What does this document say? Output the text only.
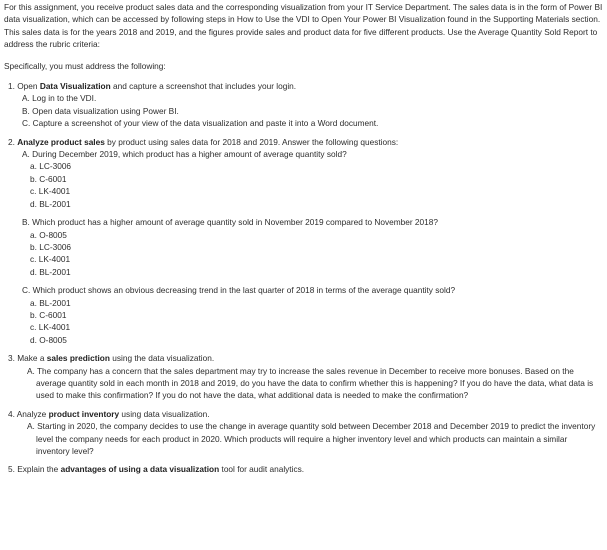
For this assignment, you receive product sales data and the corresponding visualization from your IT Service Department. The sales data is in the form of Power BI data visualization, which can be accessed by following steps in How to Use the VDI to Open Your Power BI Visualization found in the Supporting Materials section. This sales data is for the years 2018 and 2019, and the figures provide sales and product data for five different products. Use the Average Quantity Sold Report to address the rubric criteria:

Specifically, you must address the following:

1. Open Data Visualization and capture a screenshot that includes your login.

A. Log in to the VDI.

B. Open data visualization using Power BI.

C. Capture a screenshot of your view of the data visualization and paste it into a Word document.

2. Analyze product sales by product using sales data for 2018 and 2019. Answer the following questions:

A. During December 2019, which product has a higher amount of average quantity sold?

a. LC-3006

b. C-6001

c. LK-4001

d. BL-2001

B. Which product has a higher amount of average quantity sold in November 2019 compared to November 2018?

a. O-8005

b. LC-3006

c. LK-4001

d. BL-2001

C. Which product shows an obvious decreasing trend in the last quarter of 2018 in terms of the average quantity sold?

a. BL-2001

b. C-6001

c. LK-4001

d. O-8005

3. Make a sales prediction using the data visualization.

A. The company has a concern that the sales department may try to increase the sales revenue in December to receive more bonuses. Based on the average quantity sold in each month in 2018 and 2019, do you have the data to confirm whether this is happening? If you do have the data, what data is used to make this confirmation? If you do not have the data, what additional data is needed to make the confirmation?

4. Analyze product inventory using data visualization.

A. Starting in 2020, the company decides to use the change in average quantity sold between December 2018 and December 2019 to predict the inventory level the company needs for each product in 2020. Which products will require a higher inventory level and which products can maintain a similar inventory level?

5. Explain the advantages of using a data visualization tool for audit analytics.
